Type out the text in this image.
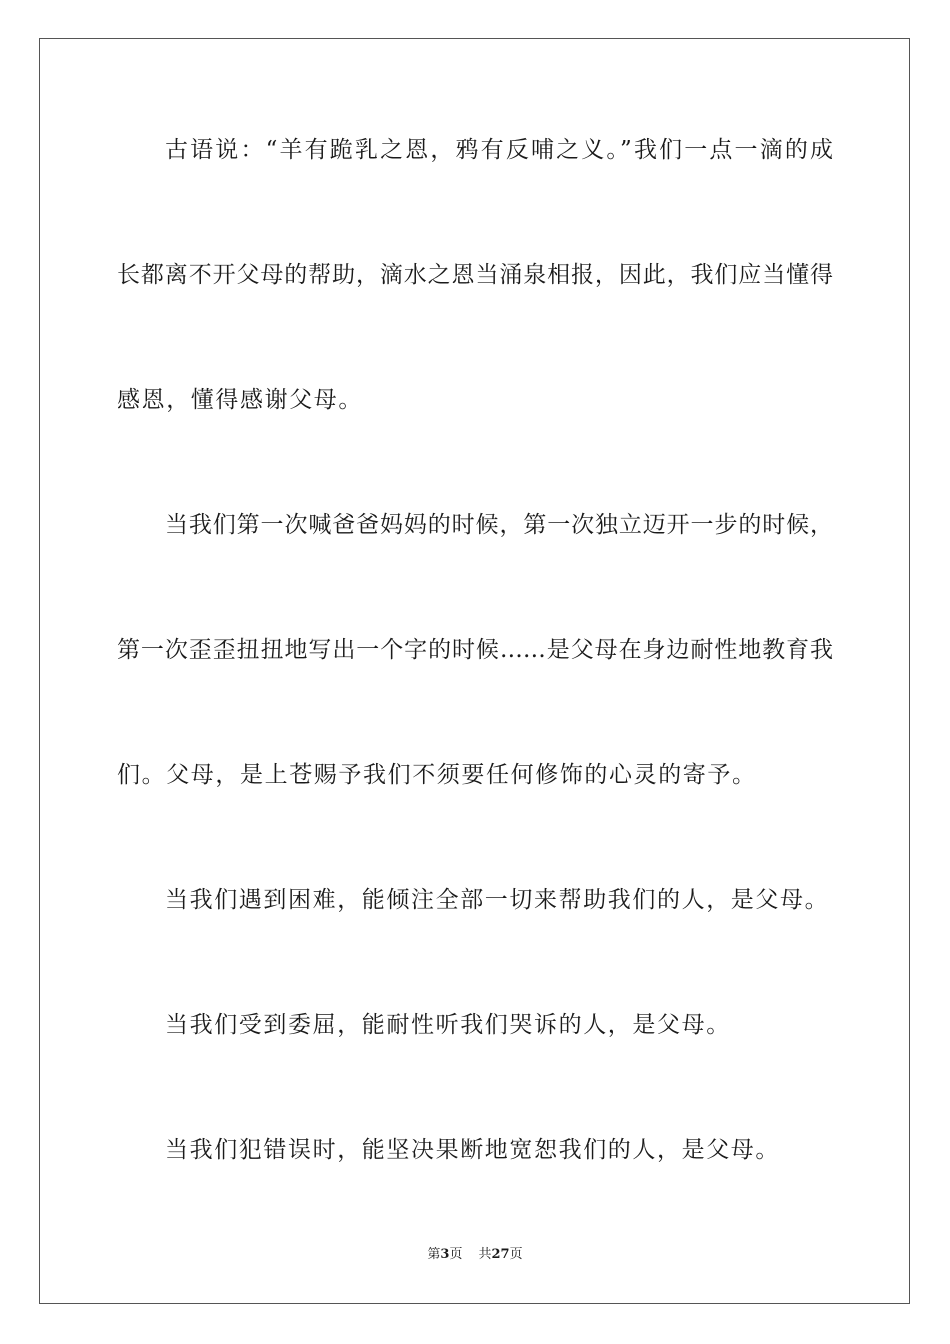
古语说：“羊有跪乳之恩，鸦有反哺之义。”我们一点一滴的成
长都离不开父母的帮助，滴水之恩当涌泉相报，因此，我们应当懂得
感恩，懂得感谢父母。
当我们第一次喊爸爸妈妈的时候，第一次独立迈开一步的时候，
第一次歪歪扭扭地写出一个字的时候……是父母在身边耐性地教育我
们。父母，是上苍赐予我们不须要任何修饰的心灵的寄予。
当我们遇到困难，能倾注全部一切来帮助我们的人，是父母。
当我们受到委屈，能耐性听我们哭诉的人，是父母。
当我们犯错误时，能坚决果断地宽恕我们的人，是父母。
第3页 共27页
